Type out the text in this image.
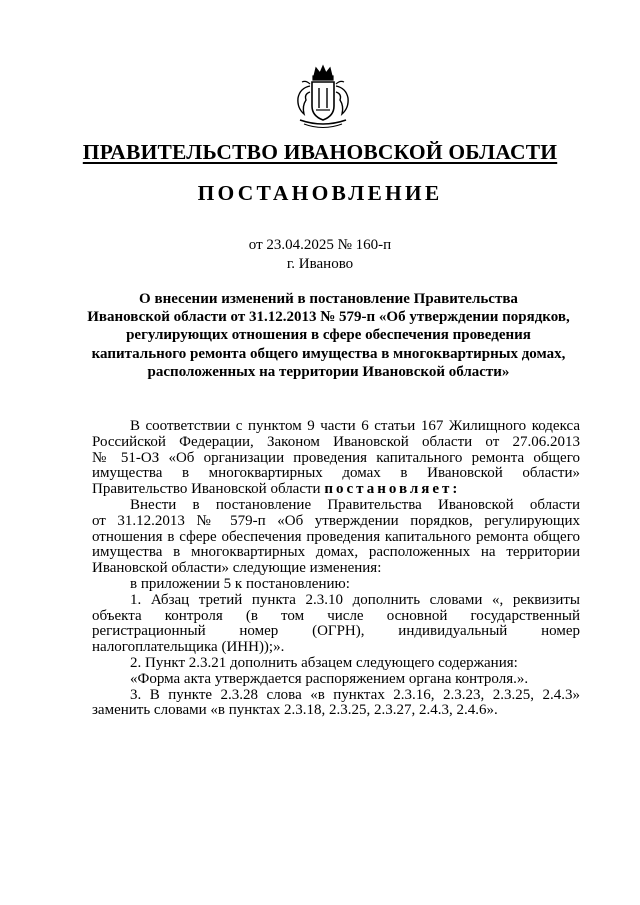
ПРАВИТЕЛЬСТВО ИВАНОВСКОЙ ОБЛАСТИ
ПОСТАНОВЛЕНИЕ
от 23.04.2025 № 160-п
г. Иваново
О внесении изменений в постановление Правительства
Ивановской области от 31.12.2013 № 579-п «Об утверждении порядков,
регулирующих отношения в сфере обеспечения проведения
капитального ремонта общего имущества в многоквартирных домах,
расположенных на территории Ивановской области»
В соответствии с пунктом 9 части 6 статьи 167 Жилищного кодекса
Российской Федерации, Законом Ивановской области от 27.06.2013
№ 51-ОЗ «Об организации проведения капитального ремонта общего
имущества в многоквартирных домах в Ивановской области»
Правительство Ивановской области постановляет:
Внести в постановление Правительства Ивановской области
от 31.12.2013 № 579-п «Об утверждении порядков, регулирующих
отношения в сфере обеспечения проведения капитального ремонта общего
имущества в многоквартирных домах, расположенных на территории
Ивановской области» следующие изменения:
в приложении 5 к постановлению:
1. Абзац третий пункта 2.3.10 дополнить словами «, реквизиты
объекта контроля (в том числе основной государственный
регистрационный номер (ОГРН), индивидуальный номер
налогоплательщика (ИНН));».
2. Пункт 2.3.21 дополнить абзацем следующего содержания:
«Форма акта утверждается распоряжением органа контроля.».
3. В пункте 2.3.28 слова «в пунктах 2.3.16, 2.3.23, 2.3.25, 2.4.3»
заменить словами «в пунктах 2.3.18, 2.3.25, 2.3.27, 2.4.3, 2.4.6».
